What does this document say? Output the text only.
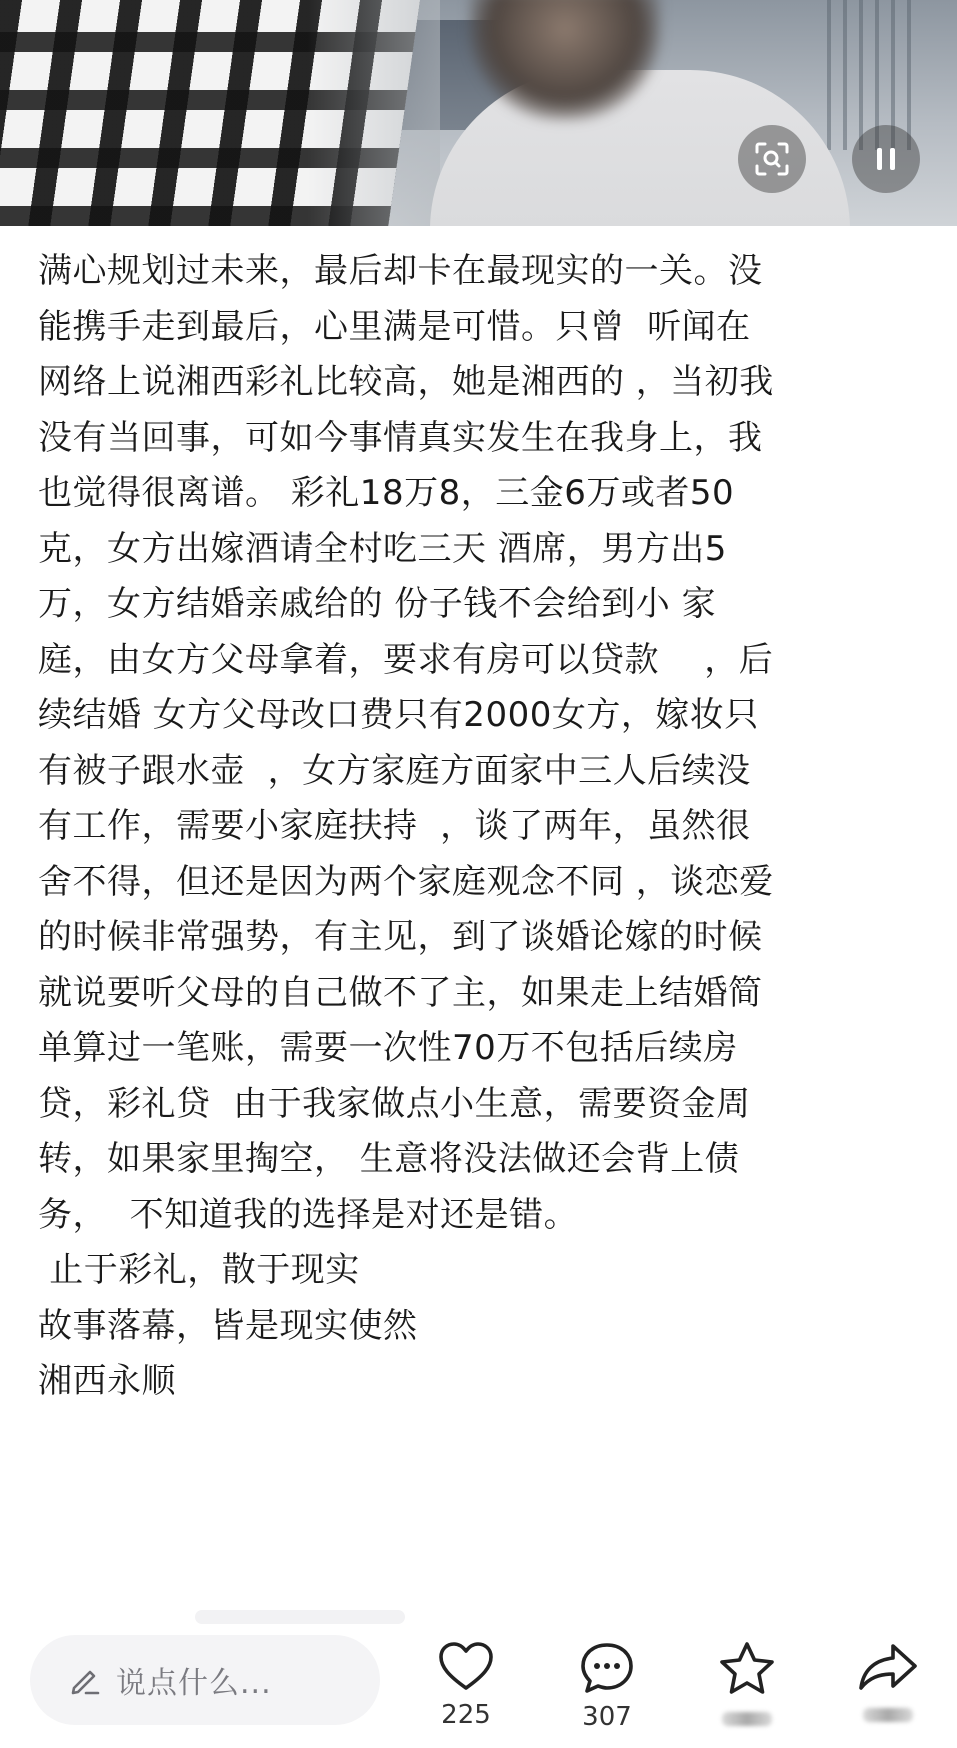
满心规划过未来，最后却卡在最现实的一关。没
能携手走到最后，心里满是可惜。只曾  听闻在
网络上说湘西彩礼比较高，她是湘西的 ，当初我
没有当回事，可如今事情真实发生在我身上，我
也觉得很离谱。 彩礼18万8，三金6万或者50
克，女方出嫁酒请全村吃三天 酒席，男方出5
万，女方结婚亲戚给的 份子钱不会给到小 家
庭，由女方父母拿着，要求有房可以贷款    ，后
续结婚 女方父母改口费只有2000女方，嫁妆只
有被子跟水壶  ，女方家庭方面家中三人后续没
有工作，需要小家庭扶持  ，谈了两年，虽然很
舍不得，但还是因为两个家庭观念不同 ，谈恋爱
的时候非常强势，有主见，到了谈婚论嫁的时候
就说要听父母的自己做不了主，如果走上结婚简
单算过一笔账，需要一次性70万不包括后续房
贷，彩礼贷  由于我家做点小生意，需要资金周
转，如果家里掏空， 生意将没法做还会背上债
务，  不知道我的选择是对还是错。
止于彩礼，散于现实
故事落幕，皆是现实使然
湘西永顺
说点什么...
225	307
